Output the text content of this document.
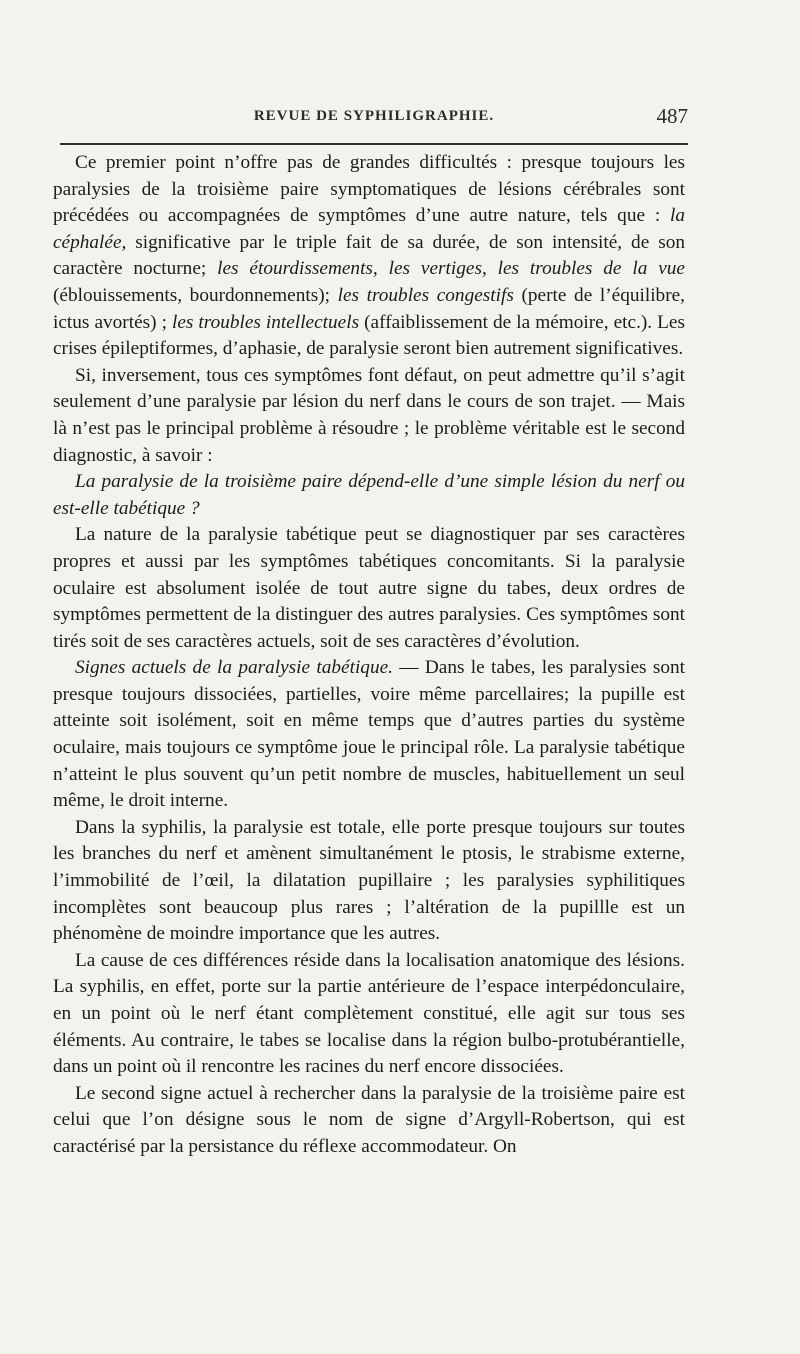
REVUE DE SYPHILIGRAPHIE.	487

Ce premier point n’offre pas de grandes difficultés : presque toujours les paralysies de la troisième paire symptomatiques de lésions cérébrales sont précédées ou accompagnées de symptômes d’une autre nature, tels que : la céphalée, significative par le triple fait de sa durée, de son intensité, de son caractère nocturne; les étourdissements, les vertiges, les troubles de la vue (éblouissements, bourdonnements); les troubles congestifs (perte de l’équilibre, ictus avortés) ; les troubles intellectuels (affaiblissement de la mémoire, etc.). Les crises épileptiformes, d’aphasie, de paralysie seront bien autrement significatives.

Si, inversement, tous ces symptômes font défaut, on peut admettre qu’il s’agit seulement d’une paralysie par lésion du nerf dans le cours de son trajet. — Mais là n’est pas le principal problème à résoudre ; le problème véritable est le second diagnostic, à savoir :

La paralysie de la troisième paire dépend-elle d’une simple lésion du nerf ou est-elle tabétique ?

La nature de la paralysie tabétique peut se diagnostiquer par ses caractères propres et aussi par les symptômes tabétiques concomitants. Si la paralysie oculaire est absolument isolée de tout autre signe du tabes, deux ordres de symptômes permettent de la distinguer des autres paralysies. Ces symptômes sont tirés soit de ses caractères actuels, soit de ses caractères d’évolution.

Signes actuels de la paralysie tabétique. — Dans le tabes, les paralysies sont presque toujours dissociées, partielles, voire même parcellaires; la pupille est atteinte soit isolément, soit en même temps que d’autres parties du système oculaire, mais toujours ce symptôme joue le principal rôle. La paralysie tabétique n’atteint le plus souvent qu’un petit nombre de muscles, habituellement un seul même, le droit interne.

Dans la syphilis, la paralysie est totale, elle porte presque toujours sur toutes les branches du nerf et amènent simultanément le ptosis, le strabisme externe, l’immobilité de l’œil, la dilatation pupillaire ; les paralysies syphilitiques incomplètes sont beaucoup plus rares ; l’altération de la pupillle est un phénomène de moindre importance que les autres.

La cause de ces différences réside dans la localisation anatomique des lésions. La syphilis, en effet, porte sur la partie antérieure de l’espace interpédonculaire, en un point où le nerf étant complètement constitué, elle agit sur tous ses éléments. Au contraire, le tabes se localise dans la région bulbo-protubérantielle, dans un point où il rencontre les racines du nerf encore dissociées.

Le second signe actuel à rechercher dans la paralysie de la troisième paire est celui que l’on désigne sous le nom de signe d’Argyll-Robertson, qui est caractérisé par la persistance du réflexe accommodateur. On
